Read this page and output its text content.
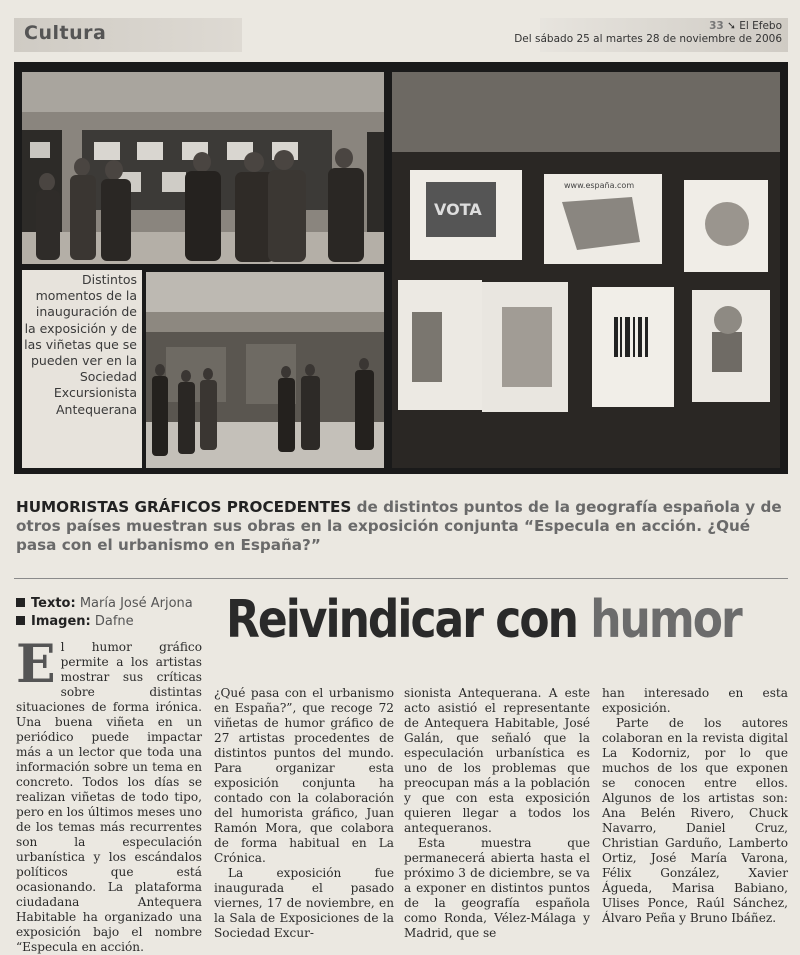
Cultura	33 ➘ El Efebo
Del sábado 25 al martes 28 de noviembre de 2006
VOTA
www.españa.com
Distintos momentos de la inauguración de la exposición y de las viñetas que se pueden ver en la Sociedad Excursionista Antequerana
HUMORISTAS GRÁFICOS PROCEDENTES de distintos puntos de la geografía española y de otros países muestran sus obras en la exposición conjunta “Especula en acción. ¿Qué pasa con el urbanismo en España?”
Texto: María José Arjona
Imagen: Dafne	Reivindicar con humor

El humor gráfico permite a los artistas mostrar sus críticas sobre distintas situaciones de forma irónica. Una buena viñeta en un periódico puede impactar más a un lector que toda una información sobre un tema en concreto. Todos los días se realizan viñetas de todo tipo, pero en los últimos meses uno de los temas más recurrentes son la especulación urbanística y los escándalos políticos que está ocasionando. La plataforma ciudadana Antequera Habitable ha organizado una exposición bajo el nombre “Especula en acción.

¿Qué pasa con el urbanismo en España?”, que recoge 72 viñetas de humor gráfico de 27 artistas procedentes de distintos puntos del mundo. Para organizar esta exposición conjunta ha contado con la colaboración del humorista gráfico, Juan Ramón Mora, que colabora de forma habitual en La Crónica.

La exposición fue inaugurada el pasado viernes, 17 de noviembre, en la Sala de Exposiciones de la Sociedad Excur-

sionista Antequerana. A este acto asistió el representante de Antequera Habitable, José Galán, que señaló que la especulación urbanística es uno de los problemas que preocupan más a la población y que con esta exposición quieren llegar a todos los antequeranos.

Esta muestra que permanecerá abierta hasta el próximo 3 de diciembre, se va a exponer en distintos puntos de la geografía española como Ronda, Vélez-Málaga y Madrid, que se

han interesado en esta exposición.

Parte de los autores colaboran en la revista digital La Kodorniz, por lo que muchos de los que exponen se conocen entre ellos. Algunos de los artistas son: Ana Belén Rivero, Chuck Navarro, Daniel Cruz, Christian Garduño, Lamberto Ortiz, José María Varona, Félix González, Xavier Águeda, Marisa Babiano, Ulises Ponce, Raúl Sánchez, Álvaro Peña y Bruno Ibáñez.
